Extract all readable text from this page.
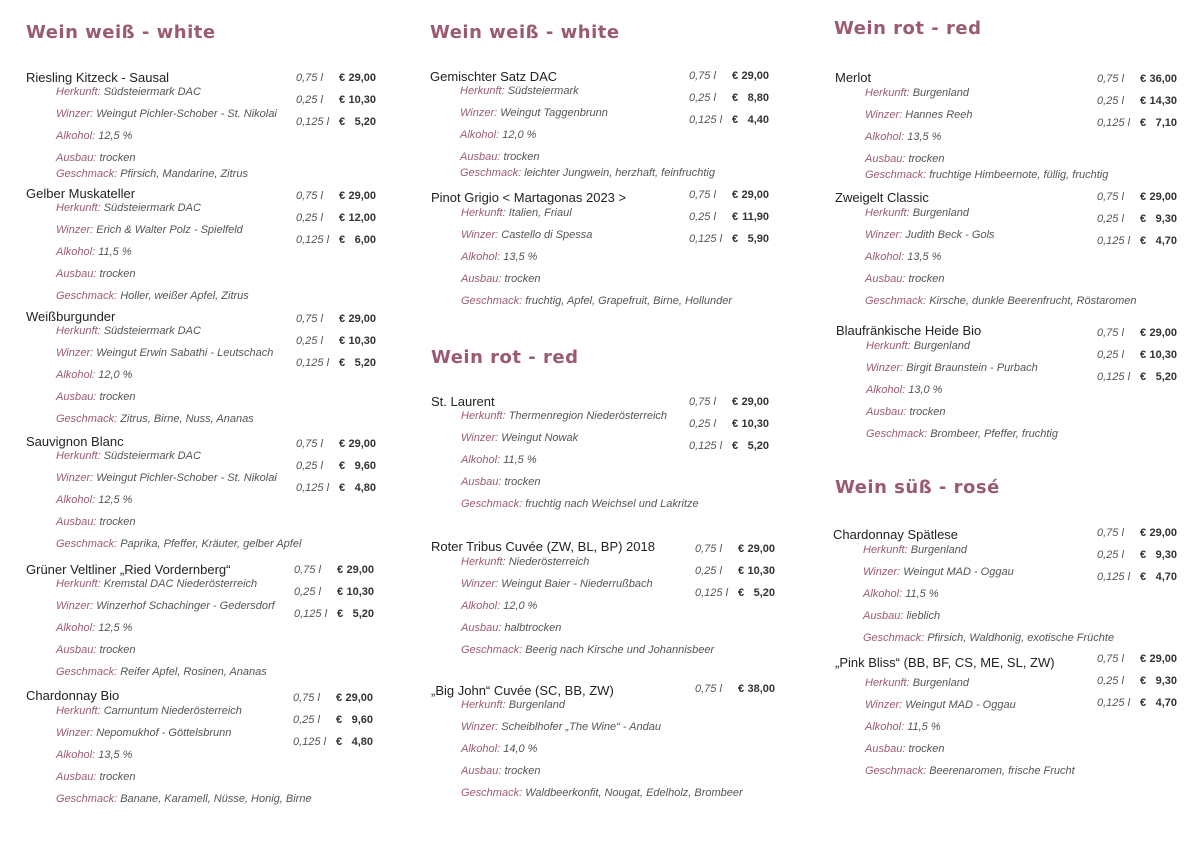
Wein weiß - white
Riesling Kitzeck - Sausal
Herkunft: Südsteiermark DAC
Winzer: Weingut Pichler-Schober - St. Nikolai
Alkohol: 12,5 %
Ausbau: trocken
Geschmack: Pfirsich, Mandarine, Zitrus
0,75 l € 29,00
0,25 l € 10,30
0,125 l € 5,20
Gelber Muskateller
Herkunft: Südsteiermark DAC
Winzer: Erich & Walter Polz - Spielfeld
Alkohol: 11,5 %
Ausbau: trocken
Geschmack: Holler, weißer Apfel, Zitrus
0,75 l € 29,00
0,25 l € 12,00
0,125 l € 6,00
Weißburgunder
Herkunft: Südsteiermark DAC
Winzer: Weingut Erwin Sabathi - Leutschach
Alkohol: 12,0 %
Ausbau: trocken
Geschmack: Zitrus, Birne, Nuss, Ananas
0,75 l € 29,00
0,25 l € 10,30
0,125 l € 5,20
Sauvignon Blanc
Herkunft: Südsteiermark DAC
Winzer: Weingut Pichler-Schober - St. Nikolai
Alkohol: 12,5 %
Ausbau: trocken
Geschmack: Paprika, Pfeffer, Kräuter, gelber Apfel
0,75 l € 29,00
0,25 l € 9,60
0,125 l € 4,80
Grüner Veltliner „Ried Vordernberg“
Herkunft: Kremstal DAC Niederösterreich
Winzer: Winzerhof Schachinger - Gedersdorf
Alkohol: 12,5 %
Ausbau: trocken
Geschmack: Reifer Apfel, Rosinen, Ananas
0,75 l € 29,00
0,25 l € 10,30
0,125 l € 5,20
Chardonnay Bio
Herkunft: Carnuntum Niederösterreich
Winzer: Nepomukhof - Göttelsbrunn
Alkohol: 13,5 %
Ausbau: trocken
Geschmack: Banane, Karamell, Nüsse, Honig, Birne
0,75 l € 29,00
0,25 l € 9,60
0,125 l € 4,80
Wein weiß - white
Gemischter Satz DAC
Herkunft: Südsteiermark
Winzer: Weingut Taggenbrunn
Alkohol: 12,0 %
Ausbau: trocken
Geschmack: leichter Jungwein, herzhaft, feinfruchtig
0,75 l € 29,00
0,25 l € 8,80
0,125 l € 4,40
Pinot Grigio < Martagonas 2023 >
Herkunft: Italien, Friaul
Winzer: Castello di Spessa
Alkohol: 13,5 %
Ausbau: trocken
Geschmack: fruchtig, Apfel, Grapefruit, Birne, Hollunder
0,75 l € 29,00
0,25 l € 11,90
0,125 l € 5,90
Wein rot - red
St. Laurent
Herkunft: Thermenregion Niederösterreich
Winzer: Weingut Nowak
Alkohol: 11,5 %
Ausbau: trocken
Geschmack: fruchtig nach Weichsel und Lakritze
0,75 l € 29,00
0,25 l € 10,30
0,125 l € 5,20
Roter Tribus Cuvée (ZW, BL, BP) 2018
Herkunft: Niederösterreich
Winzer: Weingut Baier - Niederrußbach
Alkohol: 12,0 %
Ausbau: halbtrocken
Geschmack: Beerig nach Kirsche und Johannisbeer
0,75 l € 29,00
0,25 l € 10,30
0,125 l € 5,20
„Big John“ Cuvée (SC, BB, ZW)
Herkunft: Burgenland
Winzer: Scheiblhofer „The Wine“ - Andau
Alkohol: 14,0 %
Ausbau: trocken
Geschmack: Waldbeerkonfit, Nougat, Edelholz, Brombeer
0,75 l € 38,00
Wein rot - red
Merlot
Herkunft: Burgenland
Winzer: Hannes Reeh
Alkohol: 13,5 %
Ausbau: trocken
Geschmack: fruchtige Himbeernote, füllig, fruchtig
0,75 l € 36,00
0,25 l € 14,30
0,125 l € 7,10
Zweigelt Classic
Herkunft: Burgenland
Winzer: Judith Beck - Gols
Alkohol: 13,5 %
Ausbau: trocken
Geschmack: Kirsche, dunkle Beerenfrucht, Röstaromen
0,75 l € 29,00
0,25 l € 9,30
0,125 l € 4,70
Blaufränkische Heide Bio
Herkunft: Burgenland
Winzer: Birgit Braunstein - Purbach
Alkohol: 13,0 %
Ausbau: trocken
Geschmack: Brombeer, Pfeffer, fruchtig
0,75 l € 29,00
0,25 l € 10,30
0,125 l € 5,20
Wein süß - rosé
Chardonnay Spätlese
Herkunft: Burgenland
Winzer: Weingut MAD - Oggau
Alkohol: 11,5 %
Ausbau: lieblich
Geschmack: Pfirsich, Waldhonig, exotische Früchte
0,75 l € 29,00
0,25 l € 9,30
0,125 l € 4,70
„Pink Bliss“ (BB, BF, CS, ME, SL, ZW)
Herkunft: Burgenland
Winzer: Weingut MAD - Oggau
Alkohol: 11,5 %
Ausbau: trocken
Geschmack: Beerenaromen, frische Frucht
0,75 l € 29,00
0,25 l € 9,30
0,125 l € 4,70
